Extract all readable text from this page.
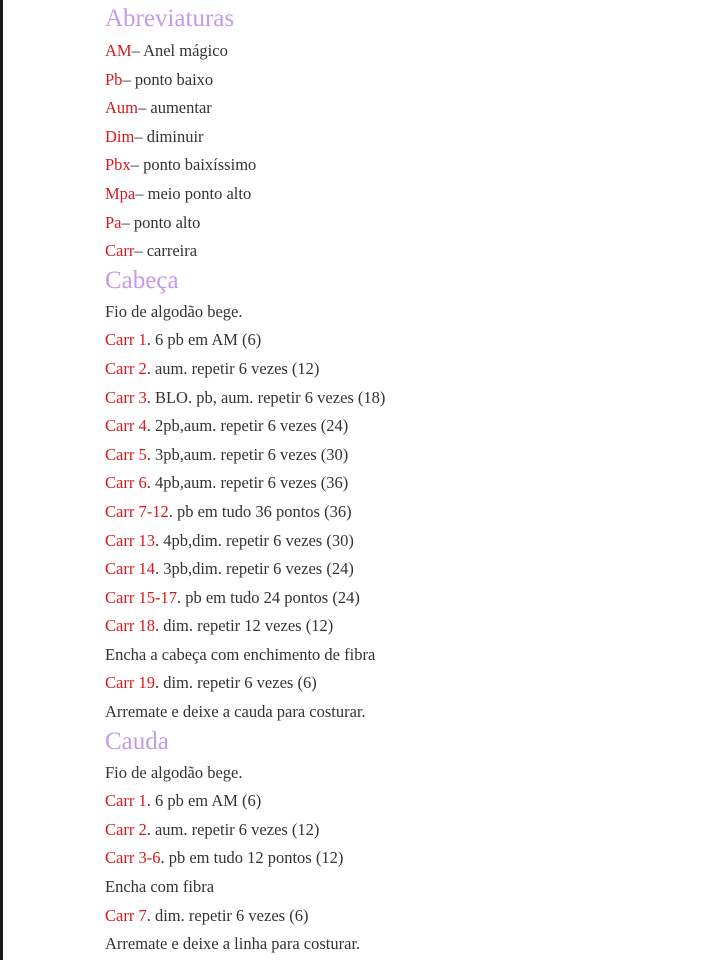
Abreviaturas
AM– Anel mágico
Pb– ponto baixo
Aum– aumentar
Dim– diminuir
Pbx– ponto baixíssimo
Mpa– meio ponto alto
Pa– ponto alto
Carr– carreira
Cabeça
Fio de algodão bege.
Carr 1. 6 pb em AM (6)
Carr 2. aum. repetir 6 vezes (12)
Carr 3. BLO. pb, aum. repetir 6 vezes (18)
Carr 4. 2pb,aum. repetir 6 vezes (24)
Carr 5. 3pb,aum. repetir 6 vezes (30)
Carr 6. 4pb,aum. repetir 6 vezes (36)
Carr 7-12. pb em tudo 36 pontos (36)
Carr 13. 4pb,dim. repetir 6 vezes (30)
Carr 14. 3pb,dim. repetir 6 vezes (24)
Carr 15-17. pb em tudo 24 pontos (24)
Carr 18. dim. repetir 12 vezes (12)
Encha a cabeça com enchimento de fibra
Carr 19. dim. repetir 6 vezes (6)
Arremate e deixe a cauda para costurar.
Cauda
Fio de algodão bege.
Carr 1. 6 pb em AM (6)
Carr 2. aum. repetir 6 vezes (12)
Carr 3-6. pb em tudo 12 pontos (12)
Encha com fibra
Carr 7. dim. repetir 6 vezes (6)
Arremate e deixe a linha para costurar.
